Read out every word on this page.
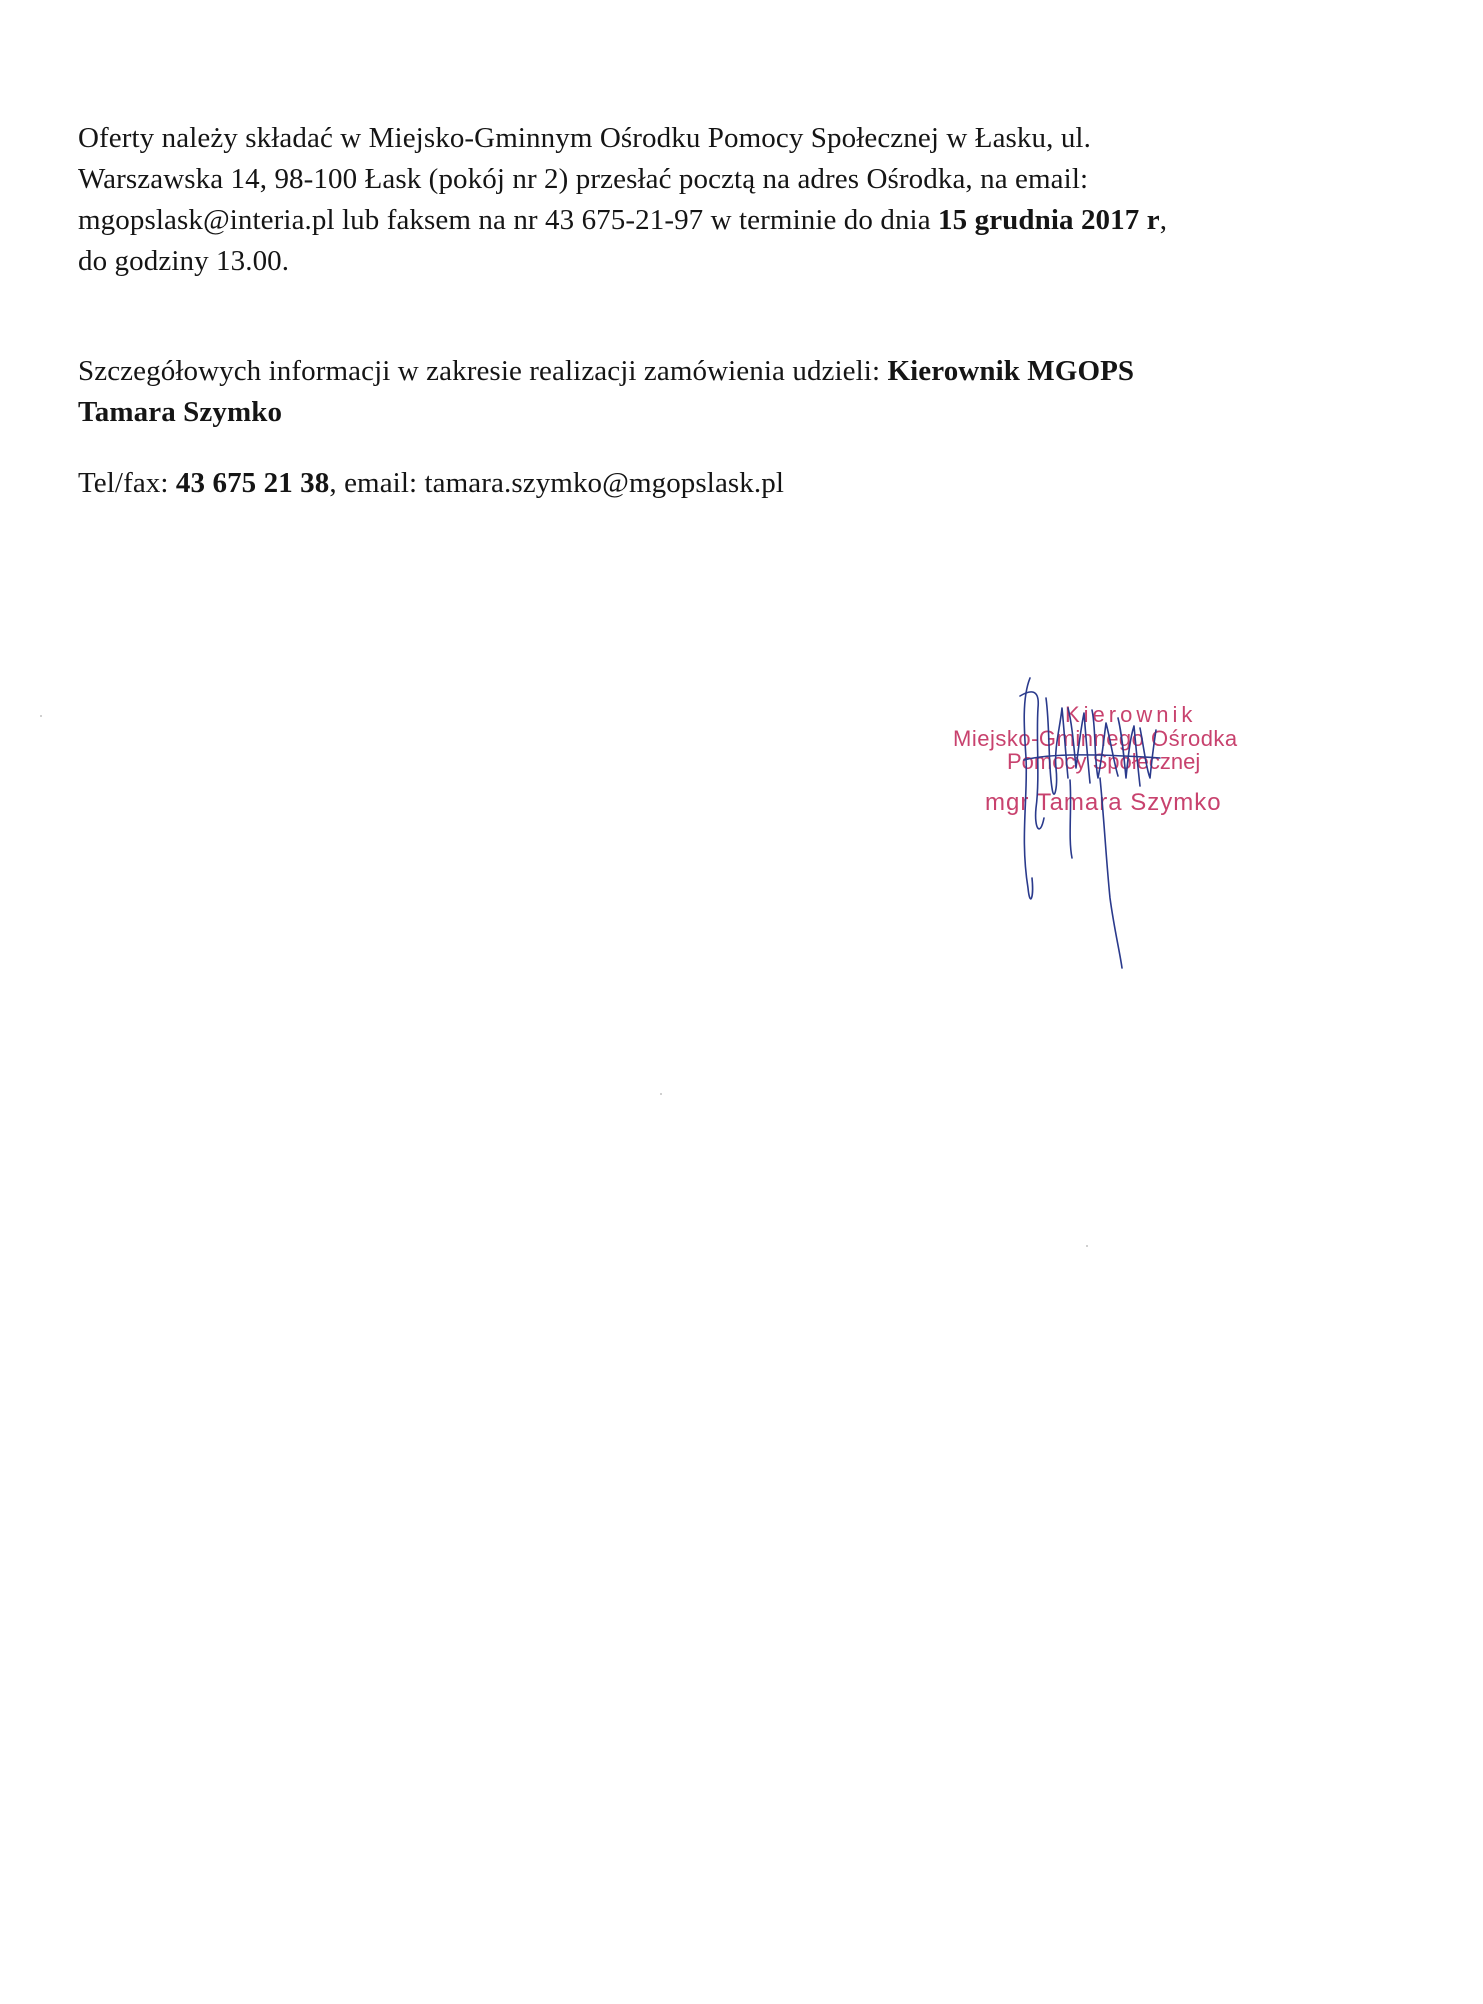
Oferty należy składać w Miejsko-Gminnym Ośrodku Pomocy Społecznej w Łasku, ul.
Warszawska 14, 98-100 Łask (pokój nr 2) przesłać pocztą na adres Ośrodka, na email:
mgopslask@interia.pl lub faksem na nr 43 675-21-97 w terminie do dnia 15 grudnia 2017 r,
do godziny 13.00.

Szczegółowych informacji w zakresie realizacji zamówienia udzieli: Kierownik MGOPS
Tamara Szymko

Tel/fax: 43 675 21 38, email: tamara.szymko@mgopslask.pl

Kierownik
Miejsko-Gminnego Ośrodka
Pomocy Społecznej
mgr Tamara Szymko
